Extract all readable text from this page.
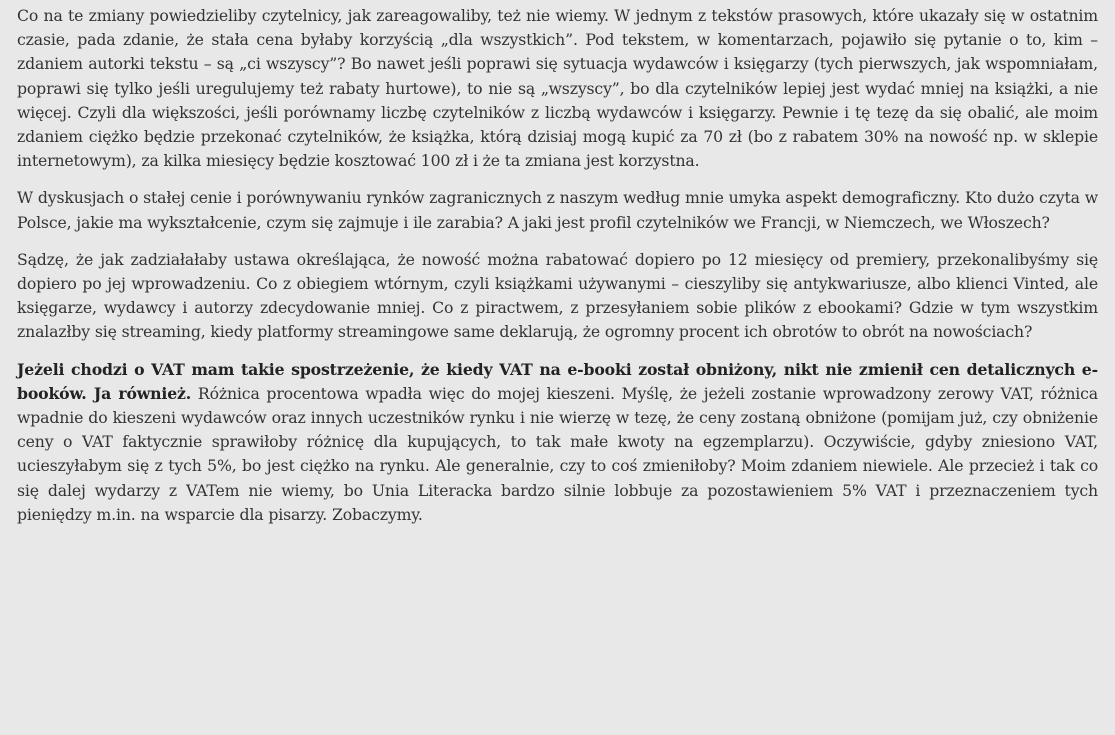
Co na te zmiany powiedzieliby czytelnicy, jak zareagowaliby, też nie wiemy. W jednym z tekstów prasowych, które ukazały się w ostatnim czasie, pada zdanie, że stała cena byłaby korzyścią „dla wszystkich”. Pod tekstem, w komentarzach, pojawiło się pytanie o to, kim – zdaniem autorki tekstu – są „ci wszyscy”? Bo nawet jeśli poprawi się sytuacja wydawców i księgarzy (tych pierwszych, jak wspomniałam, poprawi się tylko jeśli uregulujemy też rabaty hurtowe), to nie są „wszyscy”, bo dla czytelników lepiej jest wydać mniej na książki, a nie więcej. Czyli dla większości, jeśli porównamy liczbę czytelników z liczbą wydawców i księgarzy. Pewnie i tę tezę da się obalić, ale moim zdaniem ciężko będzie przekonać czytelników, że książka, którą dzisiaj mogą kupić za 70 zł (bo z rabatem 30% na nowość np. w sklepie internetowym), za kilka miesięcy będzie kosztować 100 zł i że ta zmiana jest korzystna.

W dyskusjach o stałej cenie i porównywaniu rynków zagranicznych z naszym według mnie umyka aspekt demograficzny. Kto dużo czyta w Polsce, jakie ma wykształcenie, czym się zajmuje i ile zarabia? A jaki jest profil czytelników we Francji, w Niemczech, we Włoszech?

Sądzę, że jak zadziałałaby ustawa określająca, że nowość można rabatować dopiero po 12 miesięcy od premiery, przekonalibyśmy się dopiero po jej wprowadzeniu. Co z obiegiem wtórnym, czyli książkami używanymi – cieszyliby się antykwariusze, albo klienci Vinted, ale księgarze, wydawcy i autorzy zdecydowanie mniej. Co z piractwem, z przesyłaniem sobie plików z ebookami? Gdzie w tym wszystkim znalazłby się streaming, kiedy platformy streamingowe same deklarują, że ogromny procent ich obrotów to obrót na nowościach?

Jeżeli chodzi o VAT mam takie spostrzeżenie, że kiedy VAT na e-booki został obniżony, nikt nie zmienił cen detalicznych e-booków. Ja również. Różnica procentowa wpadła więc do mojej kieszeni. Myślę, że jeżeli zostanie wprowadzony zerowy VAT, różnica wpadnie do kieszeni wydawców oraz innych uczestników rynku i nie wierzę w tezę, że ceny zostaną obniżone (pomijam już, czy obniżenie ceny o VAT faktycznie sprawiłoby różnicę dla kupujących, to tak małe kwoty na egzemplarzu). Oczywiście, gdyby zniesiono VAT, ucieszyłabym się z tych 5%, bo jest ciężko na rynku. Ale generalnie, czy to coś zmieniłoby? Moim zdaniem niewiele. Ale przecież i tak co się dalej wydarzy z VATem nie wiemy, bo Unia Literacka bardzo silnie lobbuje za pozostawieniem 5% VAT i przeznaczeniem tych pieniędzy m.in. na wsparcie dla pisarzy. Zobaczymy.
